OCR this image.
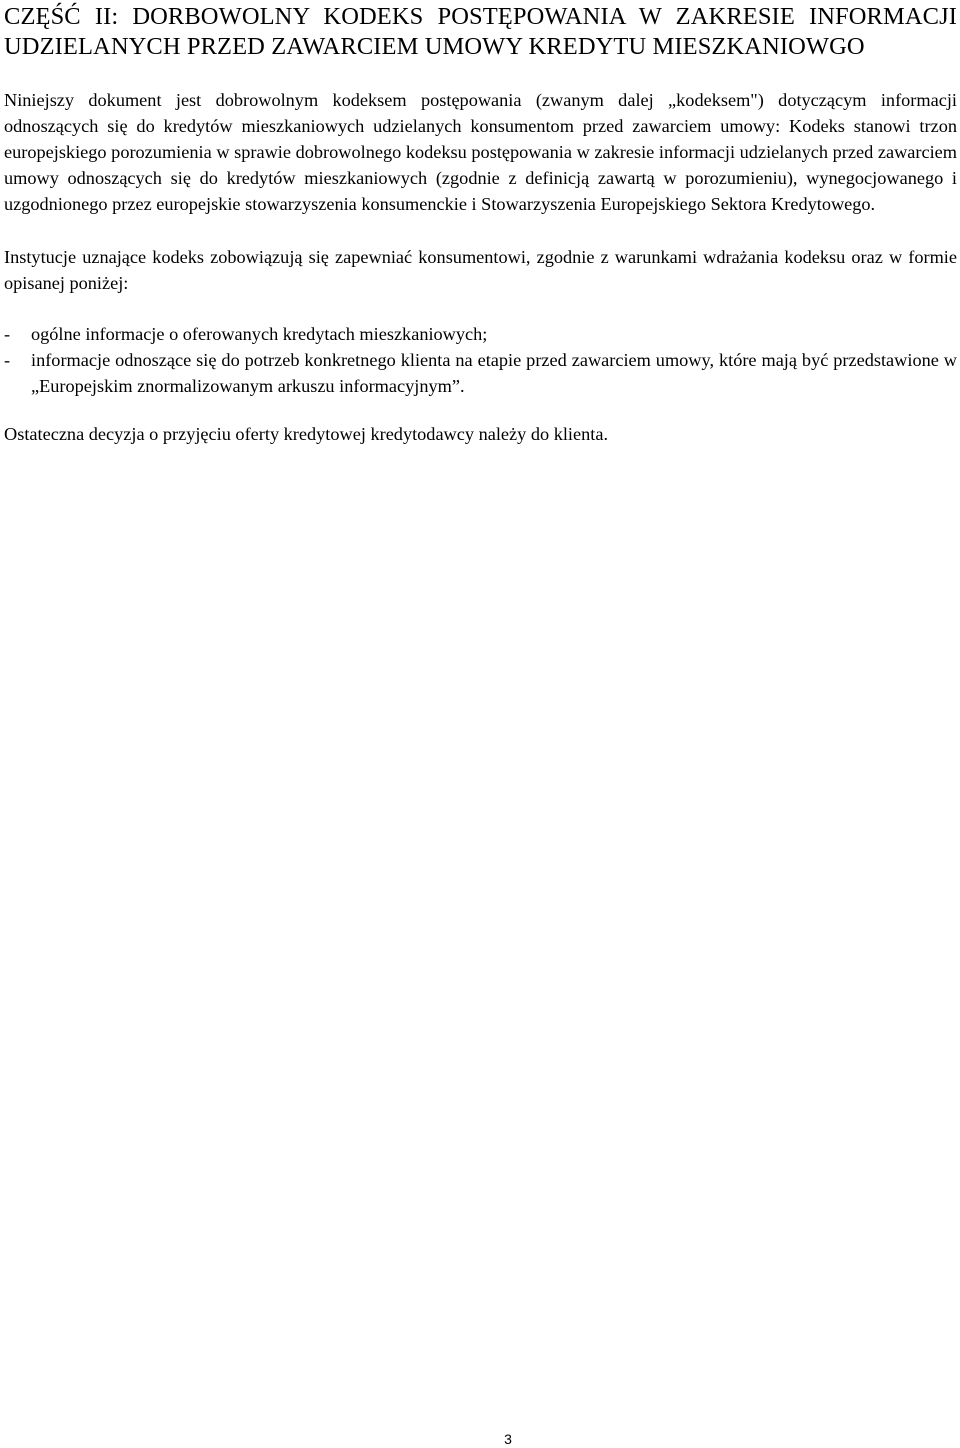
CZĘŚĆ II: DORBOWOLNY KODEKS POSTĘPOWANIA W ZAKRESIE INFORMACJI UDZIELANYCH PRZED ZAWARCIEM UMOWY KREDYTU MIESZKANIOWGO

Niniejszy dokument jest dobrowolnym kodeksem postępowania (zwanym dalej „kodeksem") dotyczącym informacji odnoszących się do kredytów mieszkaniowych udzielanych konsumentom przed zawarciem umowy: Kodeks stanowi trzon europejskiego porozumienia w sprawie dobrowolnego kodeksu postępowania w zakresie informacji udzielanych przed zawarciem umowy odnoszących się do kredytów mieszkaniowych (zgodnie z definicją zawartą w porozumieniu), wynegocjowanego i uzgodnionego przez europejskie stowarzyszenia konsumenckie i Stowarzyszenia Europejskiego Sektora Kredytowego.

Instytucje uznające kodeks zobowiązują się zapewniać konsumentowi, zgodnie z warunkami wdrażania kodeksu oraz w formie opisanej poniżej:

- ogólne informacje o oferowanych kredytach mieszkaniowych;
- informacje odnoszące się do potrzeb konkretnego klienta na etapie przed zawarciem umowy, które mają być przedstawione w „Europejskim znormalizowanym arkuszu informacyjnym”.

Ostateczna decyzja o przyjęciu oferty kredytowej kredytodawcy należy do klienta.

3
